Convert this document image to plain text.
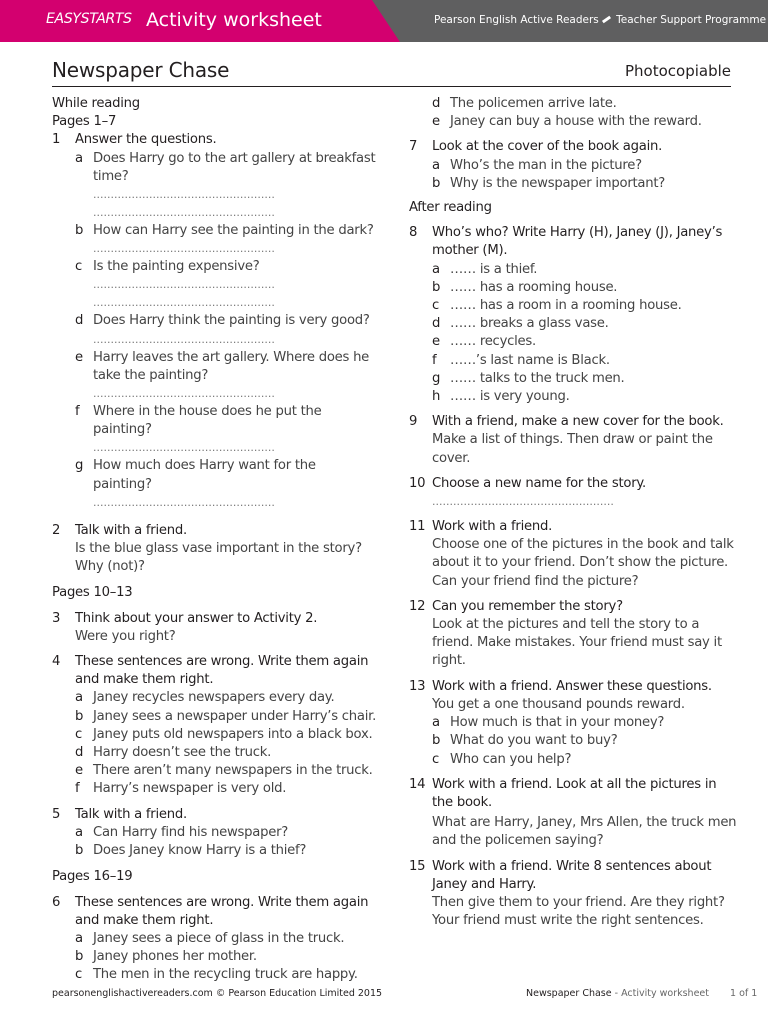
EASYSTARTS Activity worksheet	Pearson English Active Readers Teacher Support Programme
Newspaper Chase	Photocopiable
While reading
Pages 1–7
1 Answer the questions.
a Does Harry go to the art gallery at breakfast time?
....................................................
....................................................
b How can Harry see the painting in the dark?
....................................................
c Is the painting expensive?
....................................................
....................................................
d Does Harry think the painting is very good?
....................................................
e Harry leaves the art gallery. Where does he take the painting?
....................................................
f Where in the house does he put the painting?
....................................................
g How much does Harry want for the painting?
....................................................
2 Talk with a friend.
Is the blue glass vase important in the story? Why (not)?
Pages 10–13
3 Think about your answer to Activity 2.
Were you right?
4 These sentences are wrong. Write them again and make them right.
a Janey recycles newspapers every day.
b Janey sees a newspaper under Harry’s chair.
c Janey puts old newspapers into a black box.
d Harry doesn’t see the truck.
e There aren’t many newspapers in the truck.
f Harry’s newspaper is very old.
5 Talk with a friend.
a Can Harry find his newspaper?
b Does Janey know Harry is a thief?
Pages 16–19
6 These sentences are wrong. Write them again and make them right.
a Janey sees a piece of glass in the truck.
b Janey phones her mother.
c The men in the recycling truck are happy.
d The policemen arrive late.
e Janey can buy a house with the reward.
7 Look at the cover of the book again.
a Who’s the man in the picture?
b Why is the newspaper important?
After reading
8 Who’s who? Write Harry (H), Janey (J), Janey’s mother (M).
a …… is a thief.
b …… has a rooming house.
c …… has a room in a rooming house.
d …… breaks a glass vase.
e …… recycles.
f ……’s last name is Black.
g …… talks to the truck men.
h …… is very young.
9 With a friend, make a new cover for the book.
Make a list of things. Then draw or paint the cover.
10 Choose a new name for the story.
....................................................
11 Work with a friend.
Choose one of the pictures in the book and talk about it to your friend. Don’t show the picture. Can your friend find the picture?
12 Can you remember the story?
Look at the pictures and tell the story to a friend. Make mistakes. Your friend must say it right.
13 Work with a friend. Answer these questions.
You get a one thousand pounds reward.
a How much is that in your money?
b What do you want to buy?
c Who can you help?
14 Work with a friend. Look at all the pictures in the book.
What are Harry, Janey, Mrs Allen, the truck men and the policemen saying?
15 Work with a friend. Write 8 sentences about Janey and Harry.
Then give them to your friend. Are they right? Your friend must write the right sentences.
pearsonenglishactivereaders.com © Pearson Education Limited 2015	Newspaper Chase - Activity worksheet 1 of 1
